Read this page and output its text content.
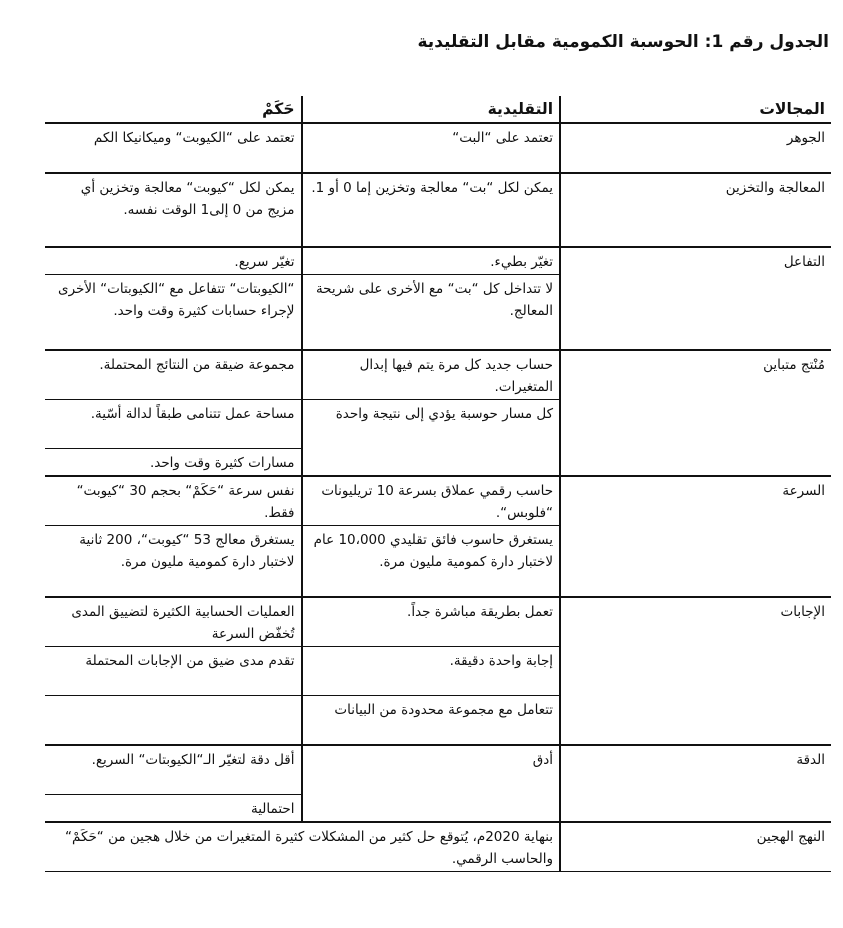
الجدول رقم 1: الحوسبة الكمومية مقابل التقليدية
المجالات	التقليدية	حَكَمْ
الجوهر	تعتمد على “البت“	تعتمد على “الكيوبت“ وميكانيكا الكم
المعالجة والتخزين	يمكن لكل “بت“ معالجة وتخزين إما 0 أو 1.	يمكن لكل “كيوبت“ معالجة وتخزين أي مزيج من 0 إلى1 الوقت نفسه.
التفاعل	تغيّر بطيء.	تغيّر سريع.
	لا تتداخل كل “بت“ مع الأخرى على شريحة المعالج.	“الكيوبتات“ تتفاعل مع “الكيوبتات“ الأخرى لإجراء حسابات كثيرة وقت واحد.
مُنْتج متباين	حساب جديد كل مرة يتم فيها إبدال المتغيرات.	مجموعة ضيقة من النتائج المحتملة.
	كل مسار حوسبة يؤدي إلى نتيجة واحدة	مساحة عمل تتنامى طبقاً لدالة أسّية.
		مسارات كثيرة وقت واحد.
السرعة	حاسب رقمي عملاق بسرعة 10 تريليونات “فلوبس“.	نفس سرعة “حَكَمْ“ بحجم 30 “كيوبت“ فقط.
	يستغرق حاسوب فائق تقليدي 10،000 عام لاختبار دارة كمومية مليون مرة.	يستغرق معالج 53 “كيوبت“، 200 ثانية لاختبار دارة كمومية مليون مرة.
الإجابات	تعمل بطريقة مباشرة جداً.	العمليات الحسابية الكثيرة لتضييق المدى تُخفّض السرعة
	إجابة واحدة دقيقة.	تقدم مدى ضيق من الإجابات المحتملة
	تتعامل مع مجموعة محدودة من البيانات	
الدقة	أدق	أقل دقة لتغيّر الـ“الكيوبتات“ السريع.
		احتمالية
النهج الهجين	بنهاية 2020م، يُتوقع حل كثير من المشكلات كثيرة المتغيرات من خلال هجين من “حَكَمْ“ والحاسب الرقمي.	
